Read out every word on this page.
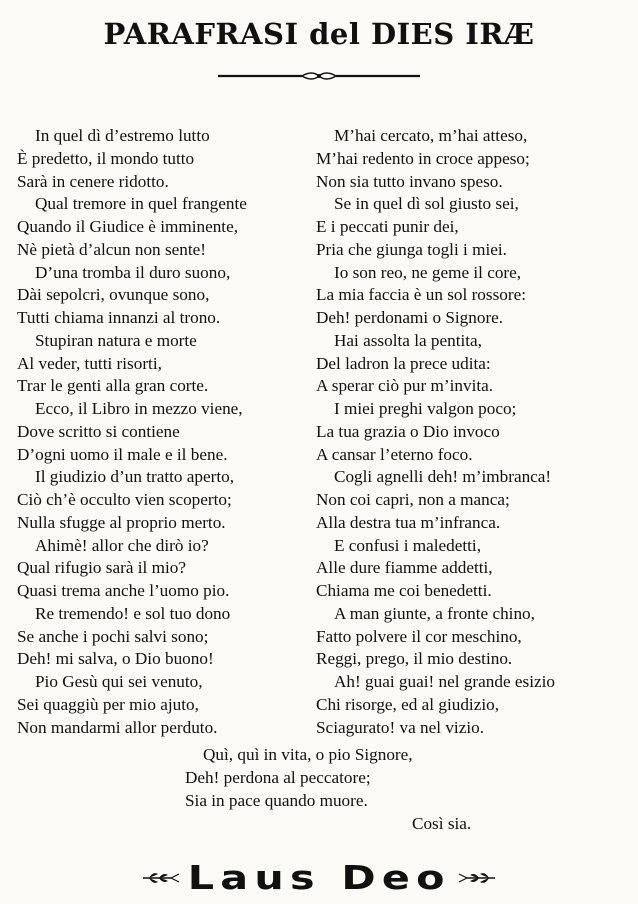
PARAFRASI del DIES IRÆ
In quel dì d’estremo lutto
È predetto, il mondo tutto
Sarà in cenere ridotto.
Qual tremore in quel frangente
Quando il Giudice è imminente,
Nè pietà d’alcun non sente!
D’una tromba il duro suono,
Dài sepolcri, ovunque sono,
Tutti chiama innanzi al trono.
Stupiran natura e morte
Al veder, tutti risorti,
Trar le genti alla gran corte.
Ecco, il Libro in mezzo viene,
Dove scritto si contiene
D’ogni uomo il male e il bene.
Il giudizio d’un tratto aperto,
Ciò ch’è occulto vien scoperto;
Nulla sfugge al proprio merto.
Ahimè! allor che dirò io?
Qual rifugio sarà il mio?
Quasi trema anche l’uomo pio.
Re tremendo! e sol tuo dono
Se anche i pochi salvi sono;
Deh! mi salva, o Dio buono!
Pio Gesù qui sei venuto,
Sei quaggiù per mio ajuto,
Non mandarmi allor perduto.
M’hai cercato, m’hai atteso,
M’hai redento in croce appeso;
Non sia tutto invano speso.
Se in quel dì sol giusto sei,
E i peccati punir dei,
Pria che giunga togli i miei.
Io son reo, ne geme il core,
La mia faccia è un sol rossore:
Deh! perdonami o Signore.
Hai assolta la pentita,
Del ladron la prece udita:
A sperar ciò pur m’invita.
I miei preghi valgon poco;
La tua grazia o Dio invoco
A cansar l’eterno foco.
Cogli agnelli deh! m’imbranca!
Non coi capri, non a manca;
Alla destra tua m’infranca.
E confusi i maledetti,
Alle dure fiamme addetti,
Chiama me coi benedetti.
A man giunte, a fronte chino,
Fatto polvere il cor meschino,
Reggi, prego, il mio destino.
Ah! guai guai! nel grande esizio
Chi risorge, ed al giudizio,
Sciagurato! va nel vizio.
Quì, quì in vita, o pio Signore,
Deh! perdona al peccatore;
Sia in pace quando muore.
Così sia.
Laus Deo
